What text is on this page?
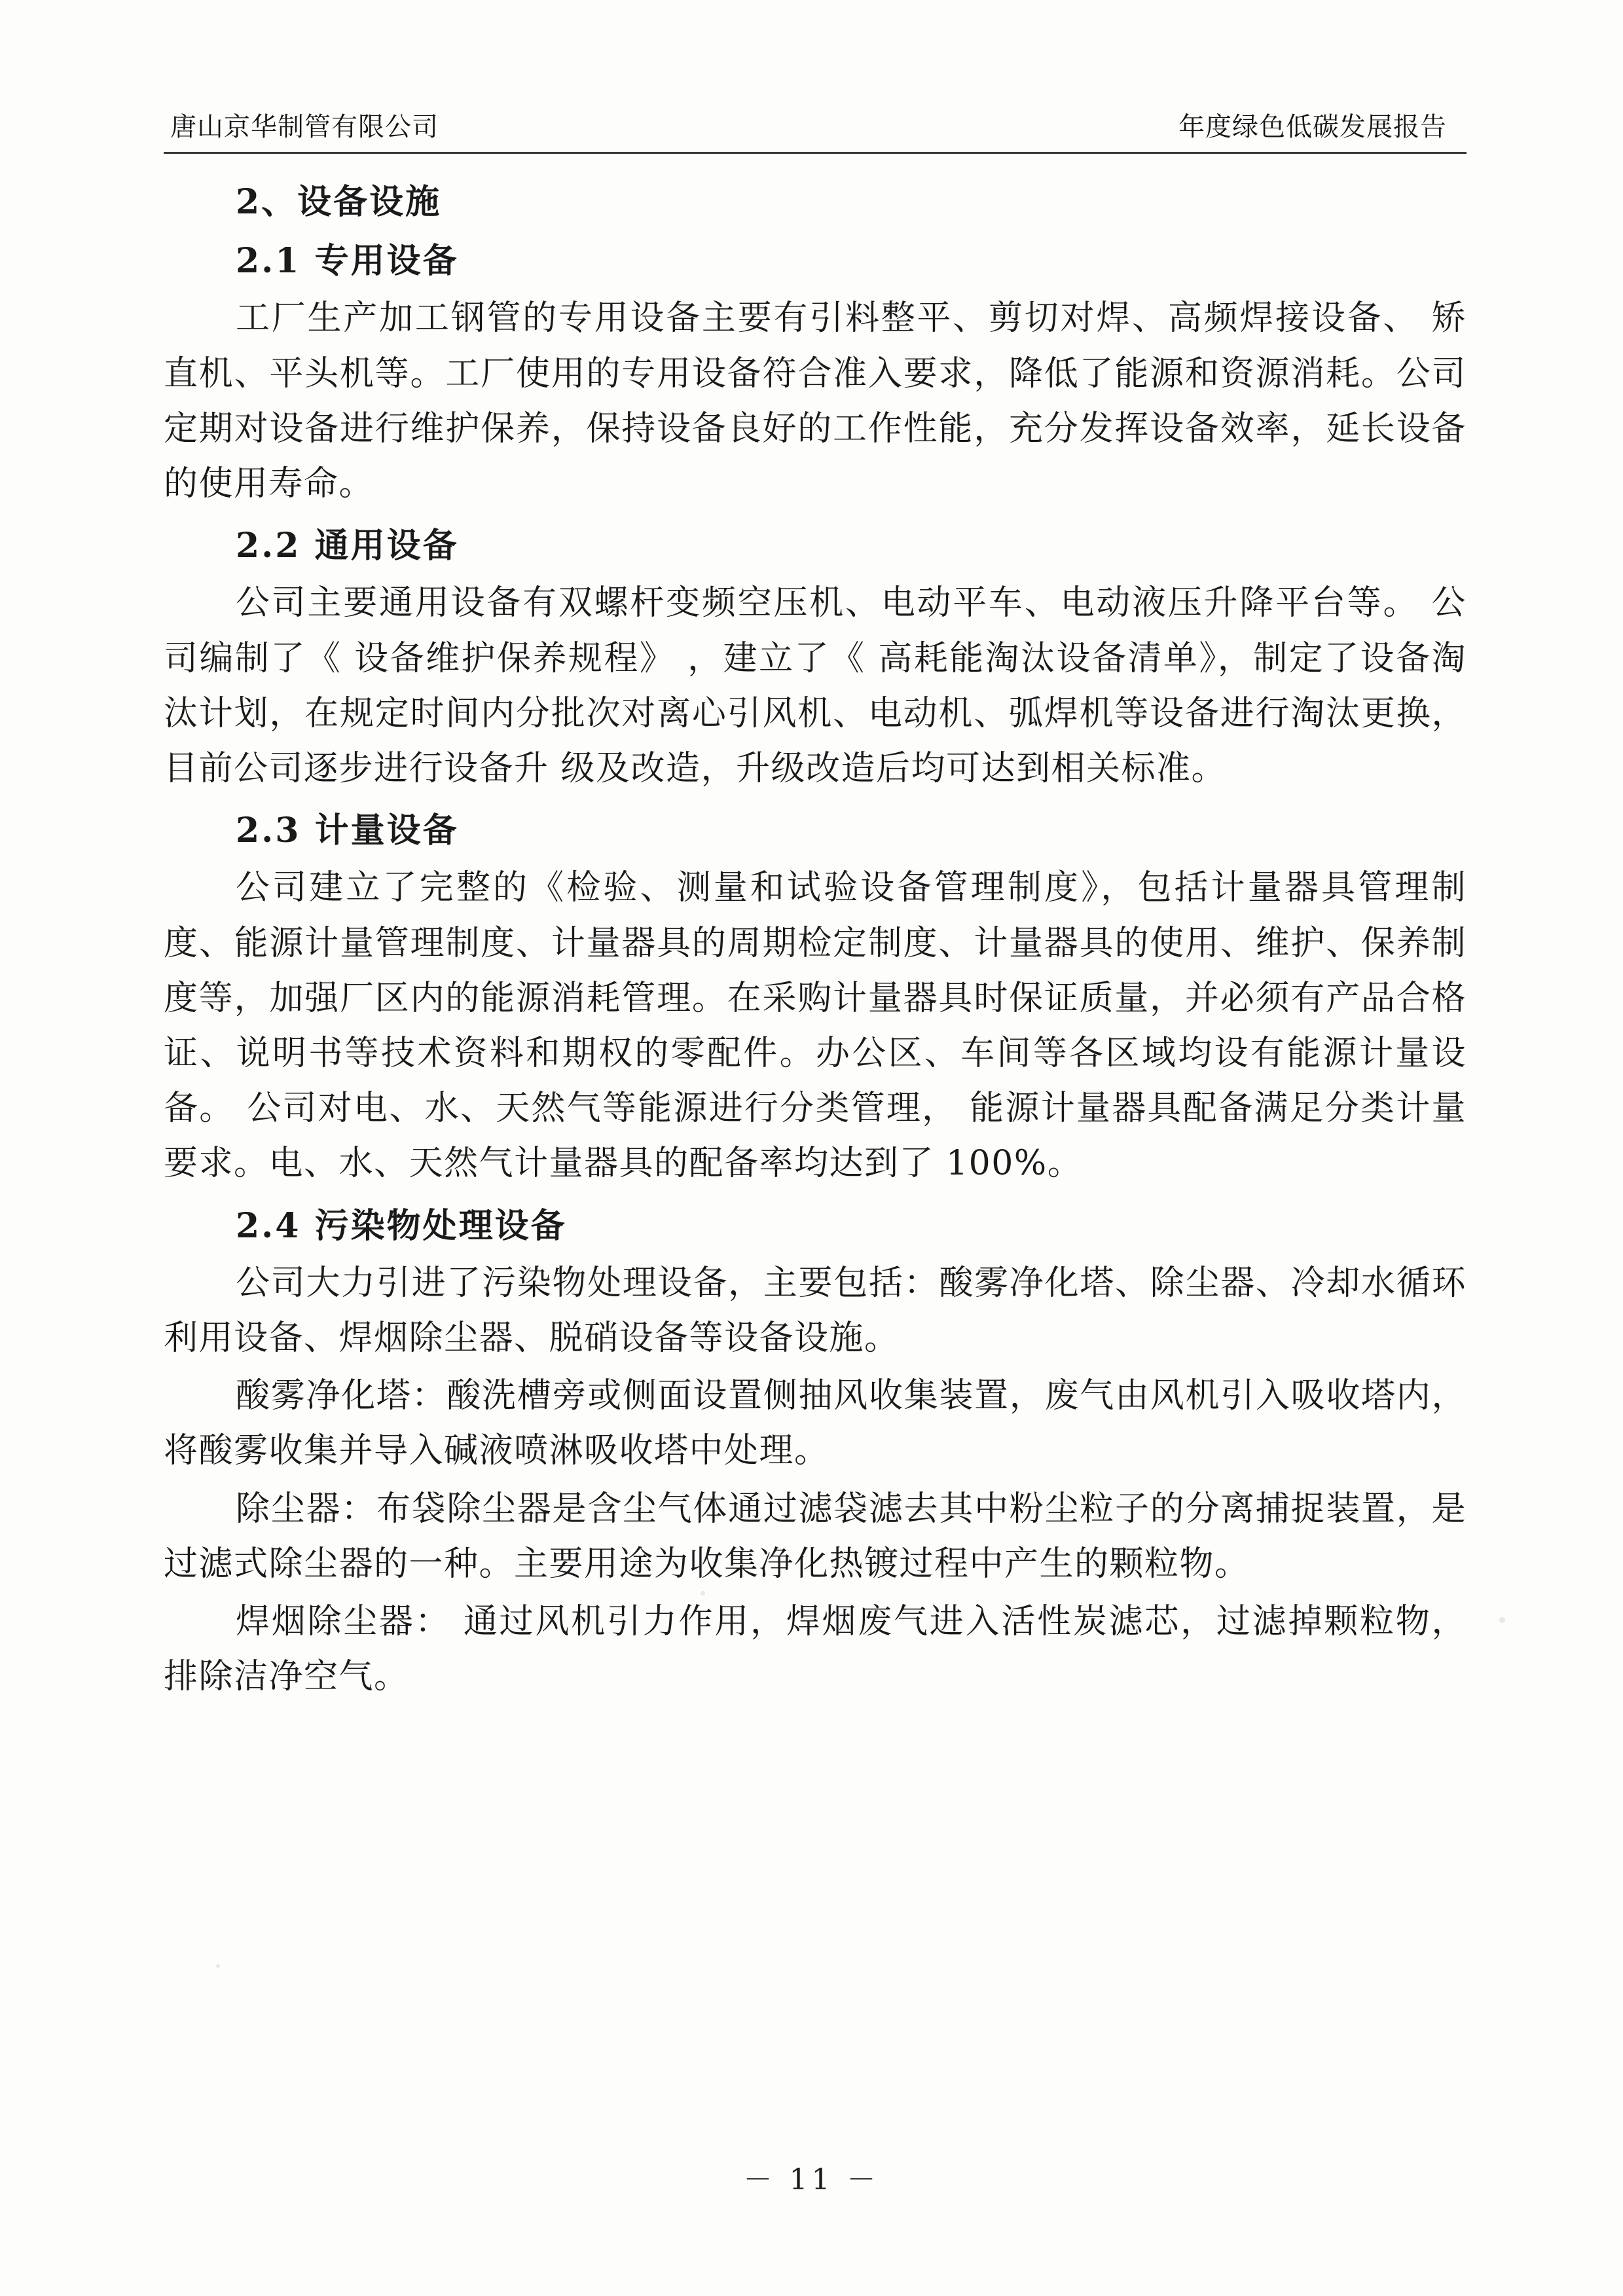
唐山京华制管有限公司	年度绿色低碳发展报告
2、设备设施
2.1 专用设备

工厂生产加工钢管的专用设备主要有引料整平、剪切对焊、高频焊接设备、 矫直机、平头机等。工厂使用的专用设备符合准入要求，降低了能源和资源消耗。公司定期对设备进行维护保养，保持设备良好的工作性能，充分发挥设备效率，延长设备的使用寿命。

2.2 通用设备

公司主要通用设备有双螺杆变频空压机、电动平车、电动液压升降平台等。 公司编制了《 设备维护保养规程》 ，建立了《 高耗能淘汰设备清单》，制定了设备淘汰计划，在规定时间内分批次对离心引风机、电动机、弧焊机等设备进行淘汰更换，目前公司逐步进行设备升 级及改造，升级改造后均可达到相关标准。

2.3 计量设备

公司建立了完整的《检验、测量和试验设备管理制度》，包括计量器具管理制度、能源计量管理制度、计量器具的周期检定制度、计量器具的使用、维护、保养制度等，加强厂区内的能源消耗管理。在采购计量器具时保证质量，并必须有产品合格证、说明书等技术资料和期权的零配件。办公区、车间等各区域均设有能源计量设备。 公司对电、水、天然气等能源进行分类管理， 能源计量器具配备满足分类计量要求。电、水、天然气计量器具的配备率均达到了 100%。

2.4 污染物处理设备

公司大力引进了污染物处理设备，主要包括：酸雾净化塔、除尘器、冷却水循环利用设备、焊烟除尘器、脱硝设备等设备设施。

酸雾净化塔：酸洗槽旁或侧面设置侧抽风收集装置，废气由风机引入吸收塔内，将酸雾收集并导入碱液喷淋吸收塔中处理。

除尘器：布袋除尘器是含尘气体通过滤袋滤去其中粉尘粒子的分离捕捉装置，是过滤式除尘器的一种。主要用途为收集净化热镀过程中产生的颗粒物。

焊烟除尘器： 通过风机引力作用，焊烟废气进入活性炭滤芯，过滤掉颗粒物， 排除洁净空气。

－ 11 －
